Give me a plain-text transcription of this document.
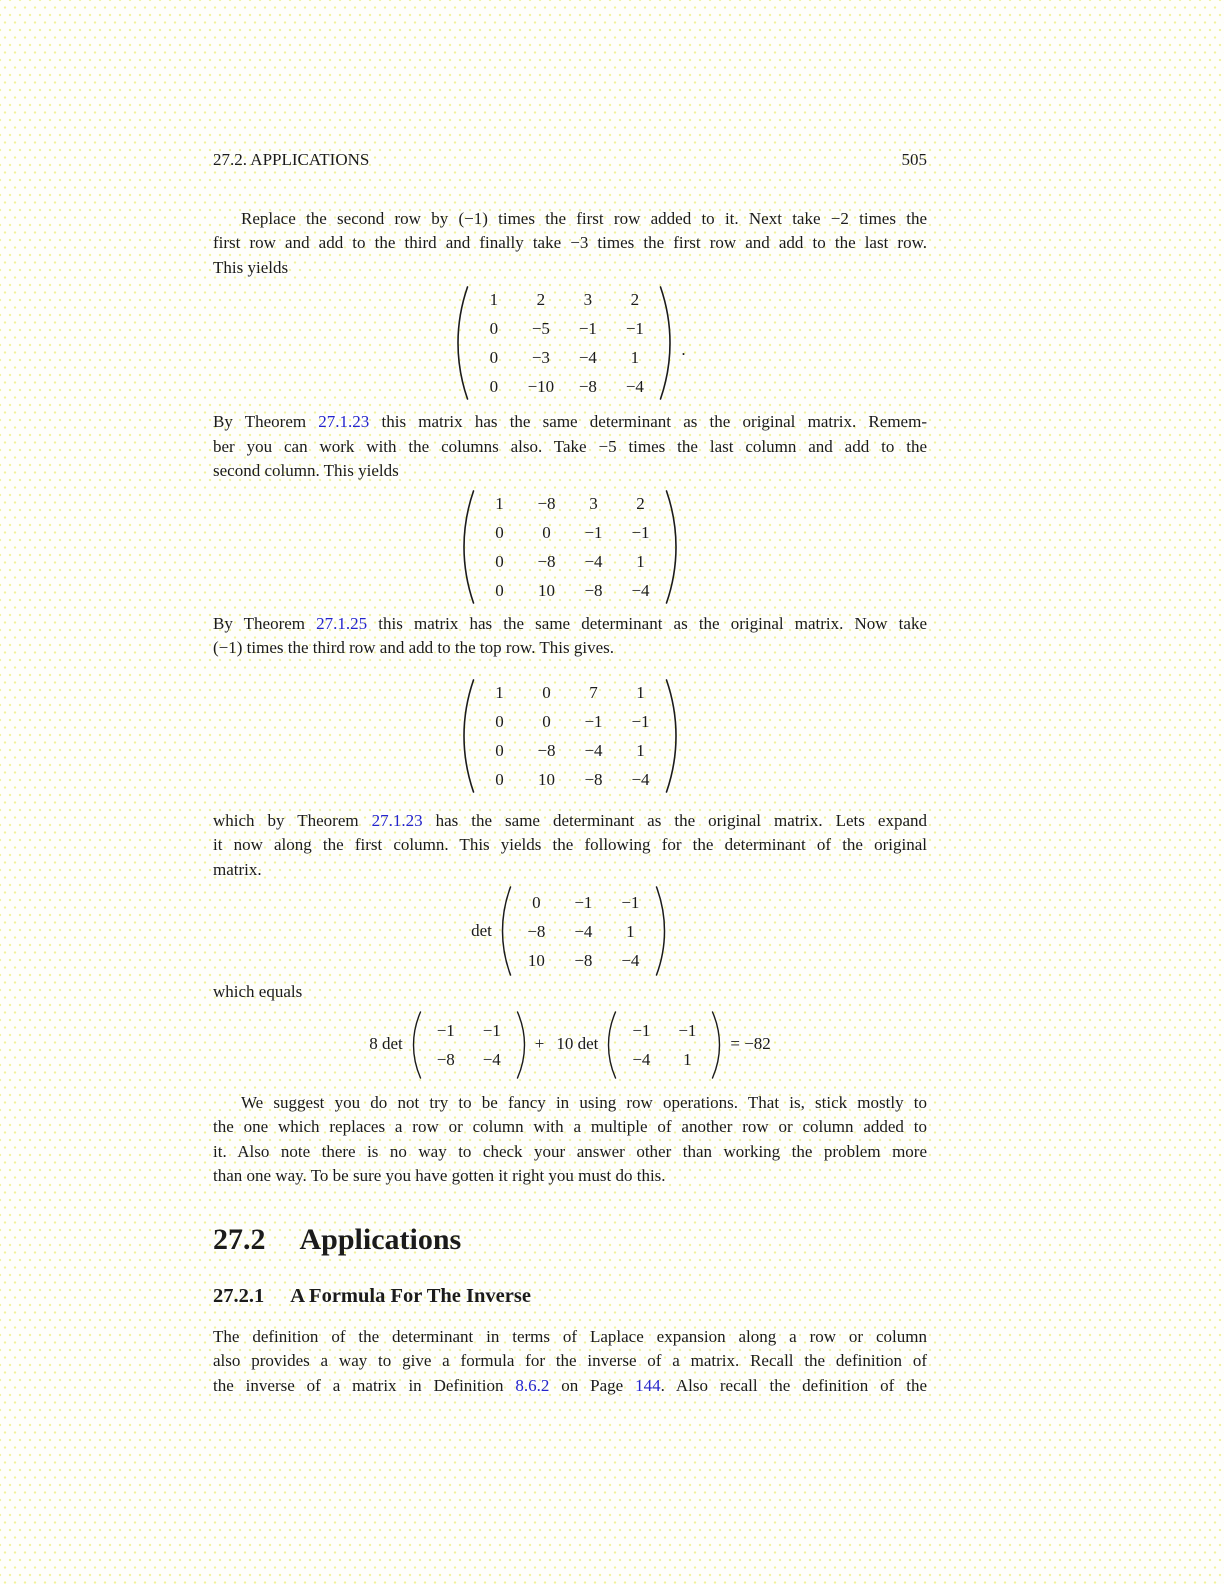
27.2. APPLICATIONS	505
Replace the second row by (−1) times the first row added to it. Next take −2 times the
first row and add to the third and finally take −3 times the first row and add to the last row.
This yields
1	2	3	2
0	−5	−1	−1
0	−3	−4	1
0	−10	−8	−4
.
By Theorem 27.1.23 this matrix has the same determinant as the original matrix. Remem-
ber you can work with the columns also. Take −5 times the last column and add to the
second column. This yields
1	−8	3	2
0	0	−1	−1
0	−8	−4	1
0	10	−8	−4
By Theorem 27.1.25 this matrix has the same determinant as the original matrix. Now take
(−1) times the third row and add to the top row. This gives.
1	0	7	1
0	0	−1	−1
0	−8	−4	1
0	10	−8	−4
which by Theorem 27.1.23 has the same determinant as the original matrix. Lets expand
it now along the first column. This yields the following for the determinant of the original
matrix.
det
0	−1	−1
−8	−4	1
10	−8	−4
which equals
8 det
−1	−1
−8	−4
+ 10 det
−1	−1
−4	1
= −82
We suggest you do not try to be fancy in using row operations. That is, stick mostly to
the one which replaces a row or column with a multiple of another row or column added to
it. Also note there is no way to check your answer other than working the problem more
than one way. To be sure you have gotten it right you must do this.
27.2 Applications
27.2.1 A Formula For The Inverse
The definition of the determinant in terms of Laplace expansion along a row or column
also provides a way to give a formula for the inverse of a matrix. Recall the definition of
the inverse of a matrix in Definition 8.6.2 on Page 144. Also recall the definition of the
